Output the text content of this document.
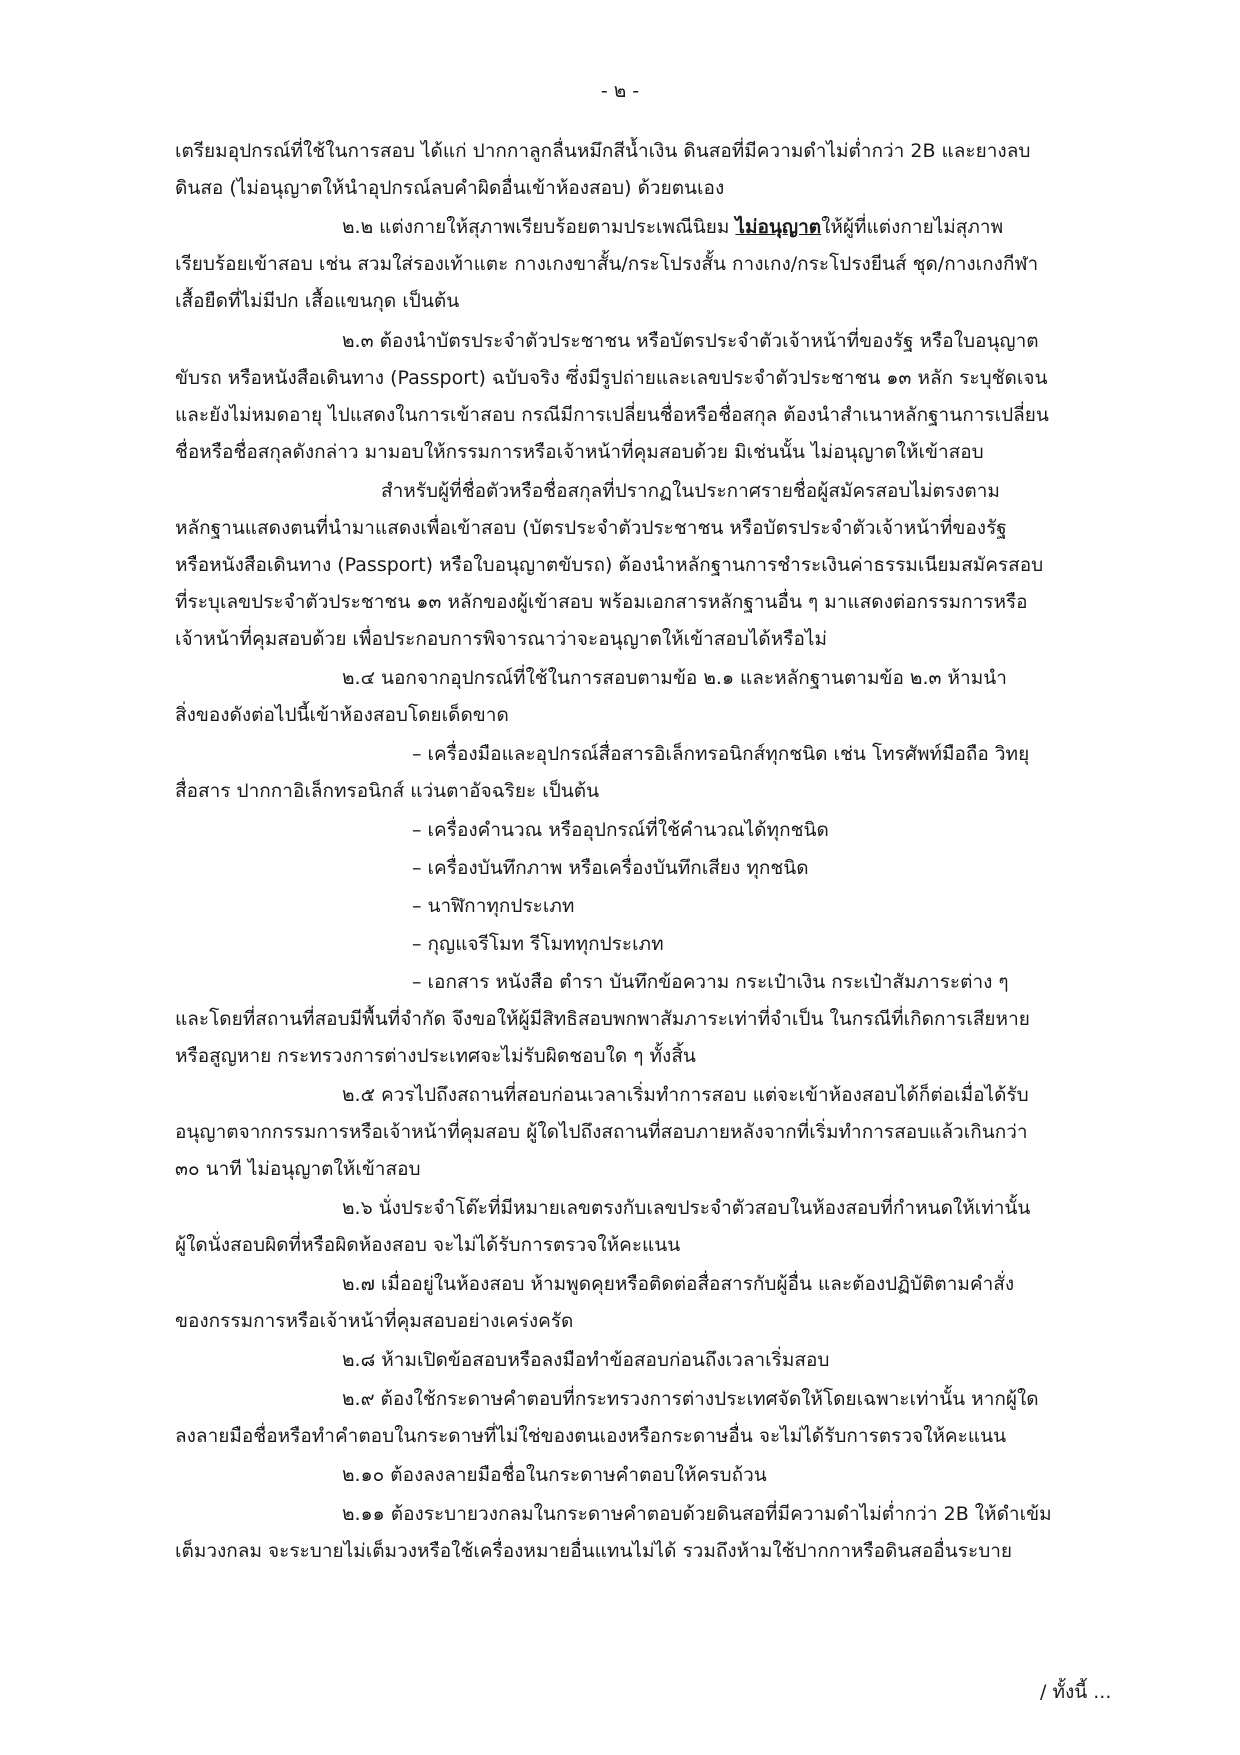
- ๒ -
เตรียมอุปกรณ์ที่ใช้ในการสอบ ได้แก่ ปากกาลูกลื่นหมึกสีน้ำเงิน ดินสอที่มีความดำไม่ต่ำกว่า 2B และยางลบ
ดินสอ (ไม่อนุญาตให้นำอุปกรณ์ลบคำผิดอื่นเข้าห้องสอบ) ด้วยตนเอง
๒.๒ แต่งกายให้สุภาพเรียบร้อยตามประเพณีนิยม ไม่อนุญาตให้ผู้ที่แต่งกายไม่สุภาพ
เรียบร้อยเข้าสอบ เช่น สวมใส่รองเท้าแตะ กางเกงขาสั้น/กระโปรงสั้น กางเกง/กระโปรงยีนส์ ชุด/กางเกงกีฬา
เสื้อยืดที่ไม่มีปก เสื้อแขนกุด เป็นต้น
๒.๓ ต้องนำบัตรประจำตัวประชาชน หรือบัตรประจำตัวเจ้าหน้าที่ของรัฐ หรือใบอนุญาต
ขับรถ หรือหนังสือเดินทาง (Passport) ฉบับจริง ซึ่งมีรูปถ่ายและเลขประจำตัวประชาชน ๑๓ หลัก ระบุชัดเจน
และยังไม่หมดอายุ ไปแสดงในการเข้าสอบ กรณีมีการเปลี่ยนชื่อหรือชื่อสกุล ต้องนำสำเนาหลักฐานการเปลี่ยน
ชื่อหรือชื่อสกุลดังกล่าว มามอบให้กรรมการหรือเจ้าหน้าที่คุมสอบด้วย มิเช่นนั้น ไม่อนุญาตให้เข้าสอบ
สำหรับผู้ที่ชื่อตัวหรือชื่อสกุลที่ปรากฏในประกาศรายชื่อผู้สมัครสอบไม่ตรงตาม
หลักฐานแสดงตนที่นำมาแสดงเพื่อเข้าสอบ (บัตรประจำตัวประชาชน หรือบัตรประจำตัวเจ้าหน้าที่ของรัฐ
หรือหนังสือเดินทาง (Passport) หรือใบอนุญาตขับรถ) ต้องนำหลักฐานการชำระเงินค่าธรรมเนียมสมัครสอบ
ที่ระบุเลขประจำตัวประชาชน ๑๓ หลักของผู้เข้าสอบ พร้อมเอกสารหลักฐานอื่น ๆ มาแสดงต่อกรรมการหรือ
เจ้าหน้าที่คุมสอบด้วย เพื่อประกอบการพิจารณาว่าจะอนุญาตให้เข้าสอบได้หรือไม่
๒.๔ นอกจากอุปกรณ์ที่ใช้ในการสอบตามข้อ ๒.๑ และหลักฐานตามข้อ ๒.๓ ห้ามนำ
สิ่งของดังต่อไปนี้เข้าห้องสอบโดยเด็ดขาด
– เครื่องมือและอุปกรณ์สื่อสารอิเล็กทรอนิกส์ทุกชนิด เช่น โทรศัพท์มือถือ วิทยุ
สื่อสาร ปากกาอิเล็กทรอนิกส์ แว่นตาอัจฉริยะ เป็นต้น
– เครื่องคำนวณ หรืออุปกรณ์ที่ใช้คำนวณได้ทุกชนิด
– เครื่องบันทึกภาพ หรือเครื่องบันทึกเสียง ทุกชนิด
– นาฬิกาทุกประเภท
– กุญแจรีโมท รีโมททุกประเภท
– เอกสาร หนังสือ ตำรา บันทึกข้อความ กระเป๋าเงิน กระเป๋าสัมภาระต่าง ๆ
และโดยที่สถานที่สอบมีพื้นที่จำกัด จึงขอให้ผู้มีสิทธิสอบพกพาสัมภาระเท่าที่จำเป็น ในกรณีที่เกิดการเสียหาย
หรือสูญหาย กระทรวงการต่างประเทศจะไม่รับผิดชอบใด ๆ ทั้งสิ้น
๒.๕ ควรไปถึงสถานที่สอบก่อนเวลาเริ่มทำการสอบ แต่จะเข้าห้องสอบได้ก็ต่อเมื่อได้รับ
อนุญาตจากกรรมการหรือเจ้าหน้าที่คุมสอบ ผู้ใดไปถึงสถานที่สอบภายหลังจากที่เริ่มทำการสอบแล้วเกินกว่า
๓๐ นาที ไม่อนุญาตให้เข้าสอบ
๒.๖ นั่งประจำโต๊ะที่มีหมายเลขตรงกับเลขประจำตัวสอบในห้องสอบที่กำหนดให้เท่านั้น
ผู้ใดนั่งสอบผิดที่หรือผิดห้องสอบ จะไม่ได้รับการตรวจให้คะแนน
๒.๗ เมื่ออยู่ในห้องสอบ ห้ามพูดคุยหรือติดต่อสื่อสารกับผู้อื่น และต้องปฏิบัติตามคำสั่ง
ของกรรมการหรือเจ้าหน้าที่คุมสอบอย่างเคร่งครัด
๒.๘ ห้ามเปิดข้อสอบหรือลงมือทำข้อสอบก่อนถึงเวลาเริ่มสอบ
๒.๙ ต้องใช้กระดาษคำตอบที่กระทรวงการต่างประเทศจัดให้โดยเฉพาะเท่านั้น หากผู้ใด
ลงลายมือชื่อหรือทำคำตอบในกระดาษที่ไม่ใช่ของตนเองหรือกระดาษอื่น จะไม่ได้รับการตรวจให้คะแนน
๒.๑๐ ต้องลงลายมือชื่อในกระดาษคำตอบให้ครบถ้วน
๒.๑๑ ต้องระบายวงกลมในกระดาษคำตอบด้วยดินสอที่มีความดำไม่ต่ำกว่า 2B ให้ดำเข้ม
เต็มวงกลม จะระบายไม่เต็มวงหรือใช้เครื่องหมายอื่นแทนไม่ได้ รวมถึงห้ามใช้ปากกาหรือดินสออื่นระบาย
/ ทั้งนี้ ...
